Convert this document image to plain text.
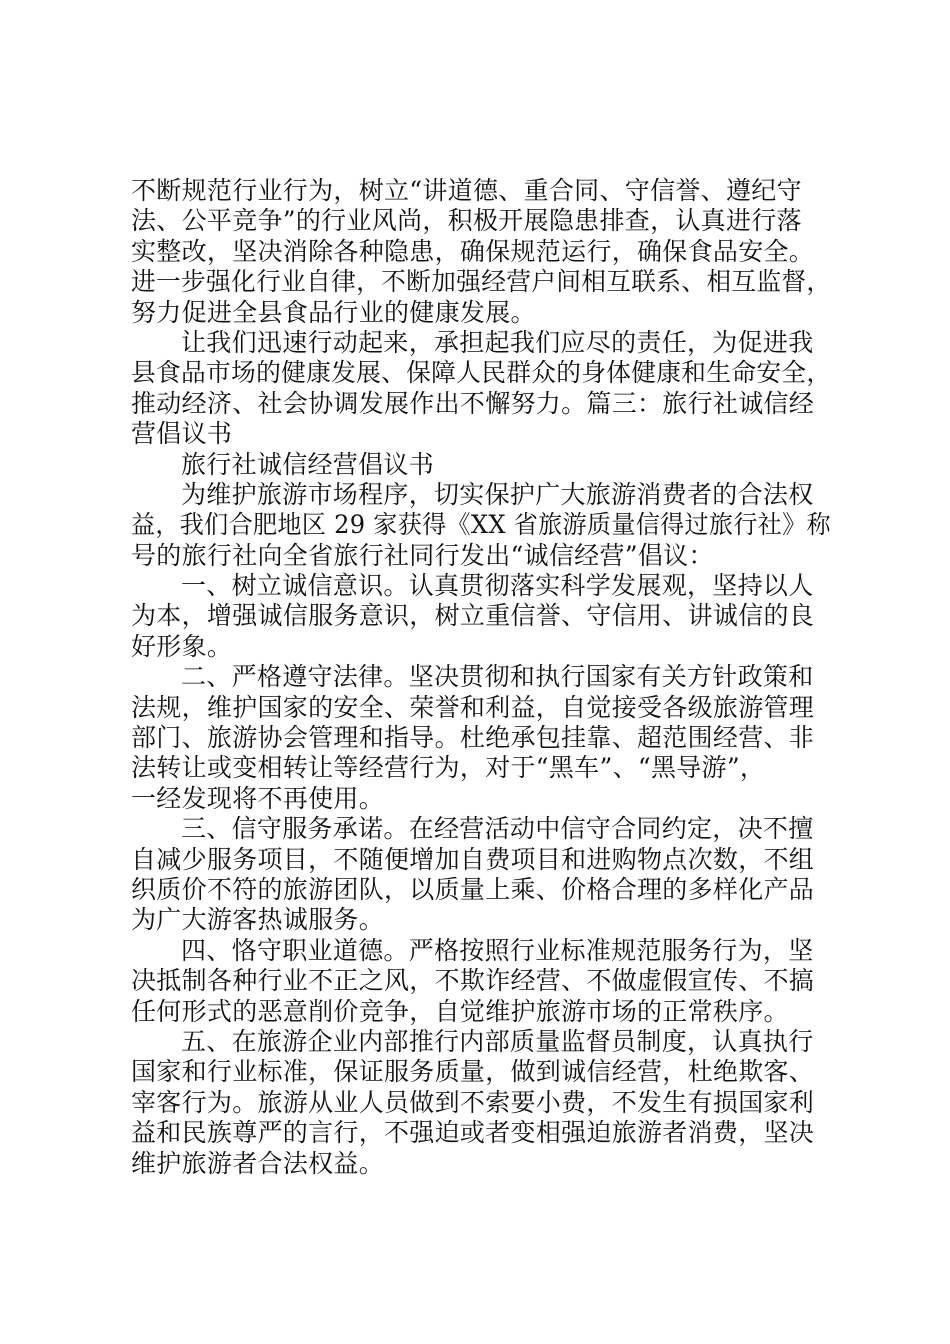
不断规范行业行为，树立“讲道德、重合同、守信誉、遵纪守
法、公平竞争”的行业风尚，积极开展隐患排查，认真进行落
实整改，坚决消除各种隐患，确保规范运行，确保食品安全。
进一步强化行业自律，不断加强经营户间相互联系、相互监督，
努力促进全县食品行业的健康发展。
让我们迅速行动起来，承担起我们应尽的责任，为促进我
县食品市场的健康发展、保障人民群众的身体健康和生命安全，
推动经济、社会协调发展作出不懈努力。篇三：旅行社诚信经
营倡议书
旅行社诚信经营倡议书
为维护旅游市场程序，切实保护广大旅游消费者的合法权
益，我们合肥地区 29 家获得《XX 省旅游质量信得过旅行社》称
号的旅行社向全省旅行社同行发出“诚信经营”倡议：
一、树立诚信意识。认真贯彻落实科学发展观，坚持以人
为本，增强诚信服务意识，树立重信誉、守信用、讲诚信的良
好形象。
二、严格遵守法律。坚决贯彻和执行国家有关方针政策和
法规，维护国家的安全、荣誉和利益，自觉接受各级旅游管理
部门、旅游协会管理和指导。杜绝承包挂靠、超范围经营、非
法转让或变相转让等经营行为，对于“黑车”、“黑导游”，
一经发现将不再使用。
三、信守服务承诺。在经营活动中信守合同约定，决不擅
自减少服务项目，不随便增加自费项目和进购物点次数，不组
织质价不符的旅游团队，以质量上乘、价格合理的多样化产品
为广大游客热诚服务。
四、恪守职业道德。严格按照行业标准规范服务行为，坚
决抵制各种行业不正之风，不欺诈经营、不做虚假宣传、不搞
任何形式的恶意削价竞争，自觉维护旅游市场的正常秩序。
五、在旅游企业内部推行内部质量监督员制度，认真执行
国家和行业标准，保证服务质量，做到诚信经营，杜绝欺客、
宰客行为。旅游从业人员做到不索要小费，不发生有损国家利
益和民族尊严的言行，不强迫或者变相强迫旅游者消费，坚决
维护旅游者合法权益。
